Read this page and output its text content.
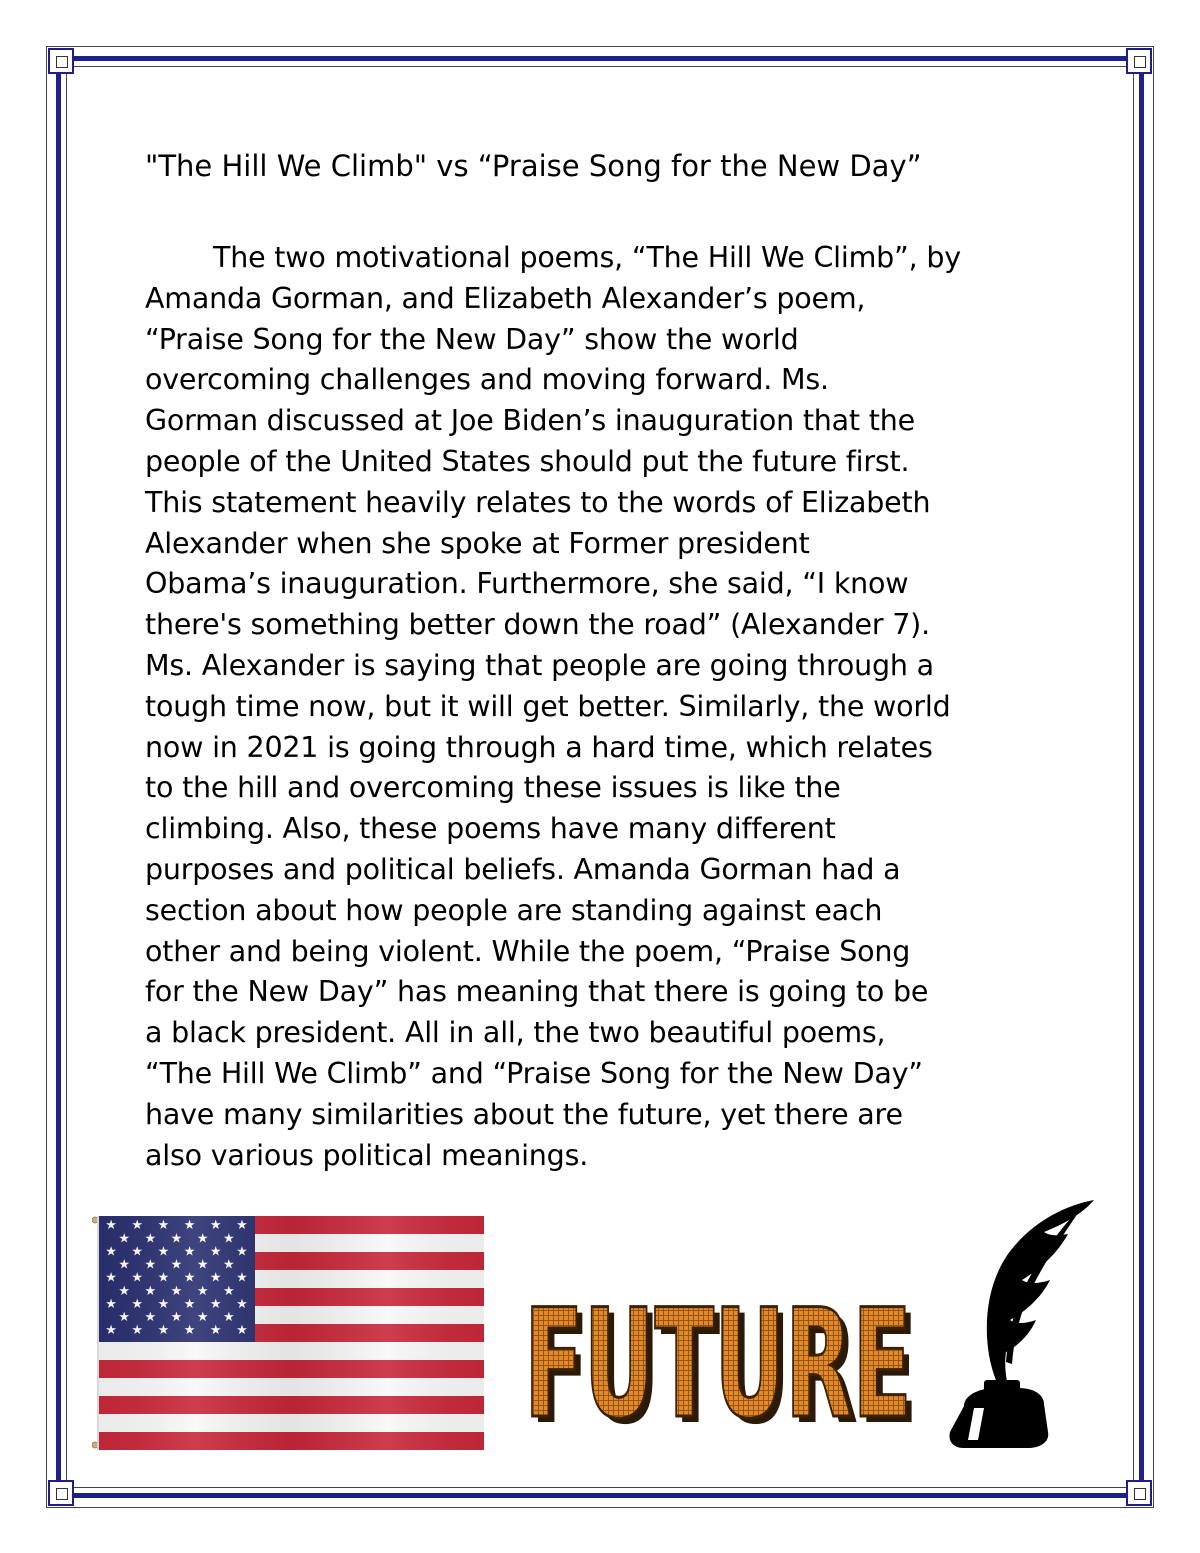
"The Hill We Climb" vs “Praise Song for the New Day”
The two motivational poems, “The Hill We Climb”, by
Amanda Gorman, and Elizabeth Alexander’s poem,
“Praise Song for the New Day” show the world
overcoming challenges and moving forward. Ms.
Gorman discussed at Joe Biden’s inauguration that the
people of the United States should put the future first.
This statement heavily relates to the words of Elizabeth
Alexander when she spoke at Former president
Obama’s inauguration. Furthermore, she said, “I know
there's something better down the road” (Alexander 7).
Ms. Alexander is saying that people are going through a
tough time now, but it will get better. Similarly, the world
now in 2021 is going through a hard time, which relates
to the hill and overcoming these issues is like the
climbing. Also, these poems have many different
purposes and political beliefs. Amanda Gorman had a
section about how people are standing against each
other and being violent. While the poem, “Praise Song
for the New Day” has meaning that there is going to be
a black president. All in all, the two beautiful poems,
“The Hill We Climb” and “Praise Song for the New Day”
have many similarities about the future, yet there are
also various political meanings.
FUTURE
FUTURE
